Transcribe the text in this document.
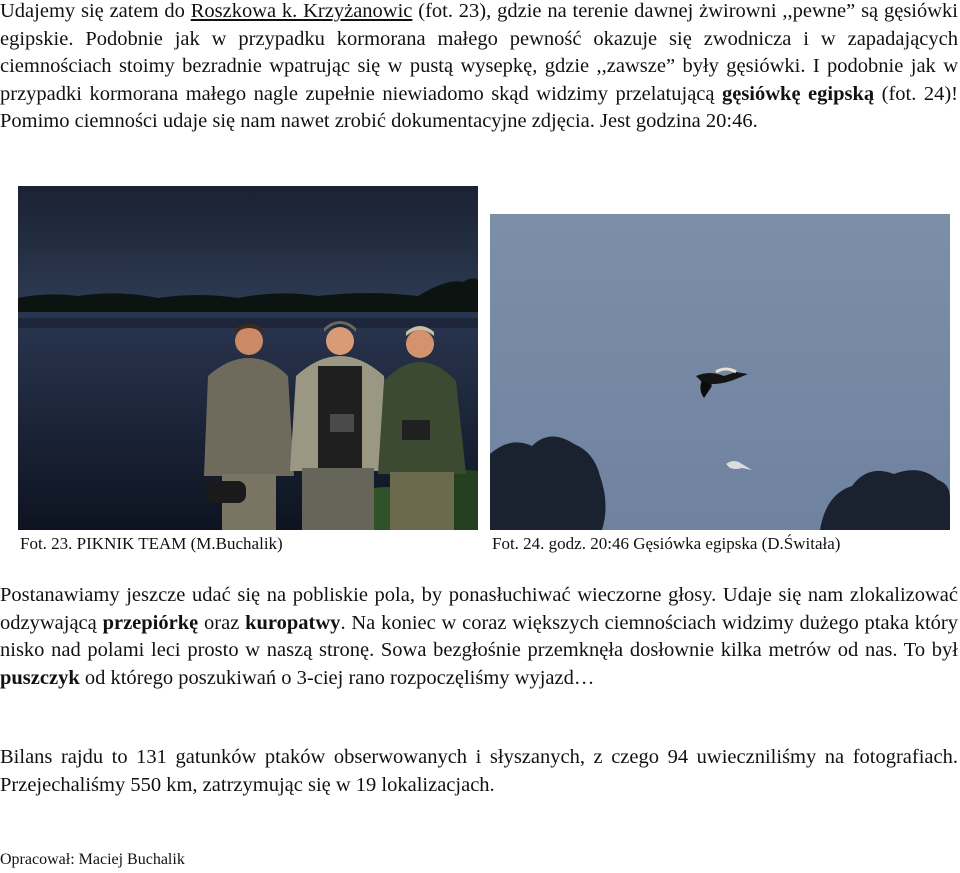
Udajemy się zatem do Roszkowa k. Krzyżanowic (fot. 23), gdzie na terenie dawnej żwirowni ,,pewne” są gęsiówki egipskie. Podobnie jak w przypadku kormorana małego pewność okazuje się zwodnicza i w zapadających ciemnościach stoimy bezradnie wpatrując się w pustą wysepkę, gdzie ,,zawsze” były gęsiówki. I podobnie jak w przypadki kormorana małego nagle zupełnie niewiadomo skąd widzimy przelatującą gęsiówkę egipską (fot. 24)! Pomimo ciemności udaje się nam nawet zrobić dokumentacyjne zdjęcia. Jest godzina 20:46.

Fot. 23. PIKNIK TEAM (M.Buchalik)	Fot. 24. godz. 20:46 Gęsiówka egipska (D.Świtała)

Postanawiamy jeszcze udać się na pobliskie pola, by ponasłuchiwać wieczorne głosy. Udaje się nam zlokalizować odzywającą przepiórkę oraz kuropatwy. Na koniec w coraz większych ciemnościach widzimy dużego ptaka który nisko nad polami leci prosto w naszą stronę. Sowa bezgłośnie przemknęła dosłownie kilka metrów od nas. To był puszczyk od którego poszukiwań o 3-ciej rano rozpoczęliśmy wyjazd…

Bilans rajdu to 131 gatunków ptaków obserwowanych i słyszanych, z czego 94 uwieczniliśmy na fotografiach. Przejechaliśmy 550 km, zatrzymując się w 19 lokalizacjach.

Opracował: Maciej Buchalik
